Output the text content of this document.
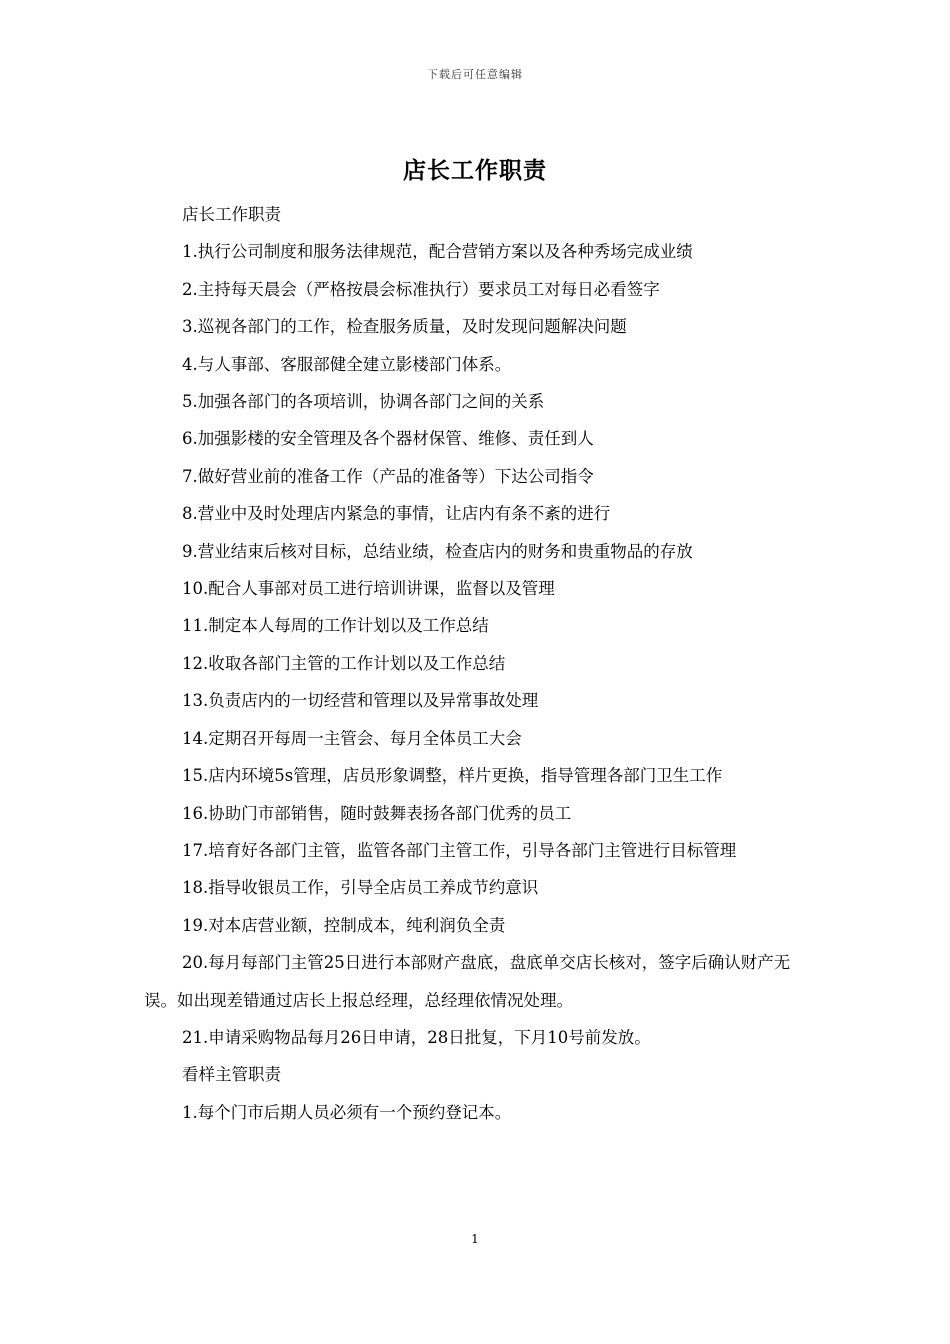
下载后可任意编辑
店长工作职责

店长工作职责

1.执行公司制度和服务法律规范，配合营销方案以及各种秀场完成业绩

2.主持每天晨会（严格按晨会标准执行）要求员工对每日必看签字

3.巡视各部门的工作，检查服务质量，及时发现问题解决问题

4.与人事部、客服部健全建立影楼部门体系。

5.加强各部门的各项培训，协调各部门之间的关系

6.加强影楼的安全管理及各个器材保管、维修、责任到人

7.做好营业前的准备工作（产品的准备等）下达公司指令

8.营业中及时处理店内紧急的事情，让店内有条不紊的进行

9.营业结束后核对目标，总结业绩，检查店内的财务和贵重物品的存放

10.配合人事部对员工进行培训讲课，监督以及管理

11.制定本人每周的工作计划以及工作总结

12.收取各部门主管的工作计划以及工作总结

13.负责店内的一切经营和管理以及异常事故处理

14.定期召开每周一主管会、每月全体员工大会

15.店内环境5s管理，店员形象调整，样片更换，指导管理各部门卫生工作

16.协助门市部销售，随时鼓舞表扬各部门优秀的员工

17.培育好各部门主管，监管各部门主管工作，引导各部门主管进行目标管理

18.指导收银员工作，引导全店员工养成节约意识

19.对本店营业额，控制成本，纯利润负全责

20.每月每部门主管25日进行本部财产盘底，盘底单交店长核对，签字后确认财产无误。如出现差错通过店长上报总经理，总经理依情况处理。

21.申请采购物品每月26日申请，28日批复，下月10号前发放。

看样主管职责

1.每个门市后期人员必须有一个预约登记本。

1
